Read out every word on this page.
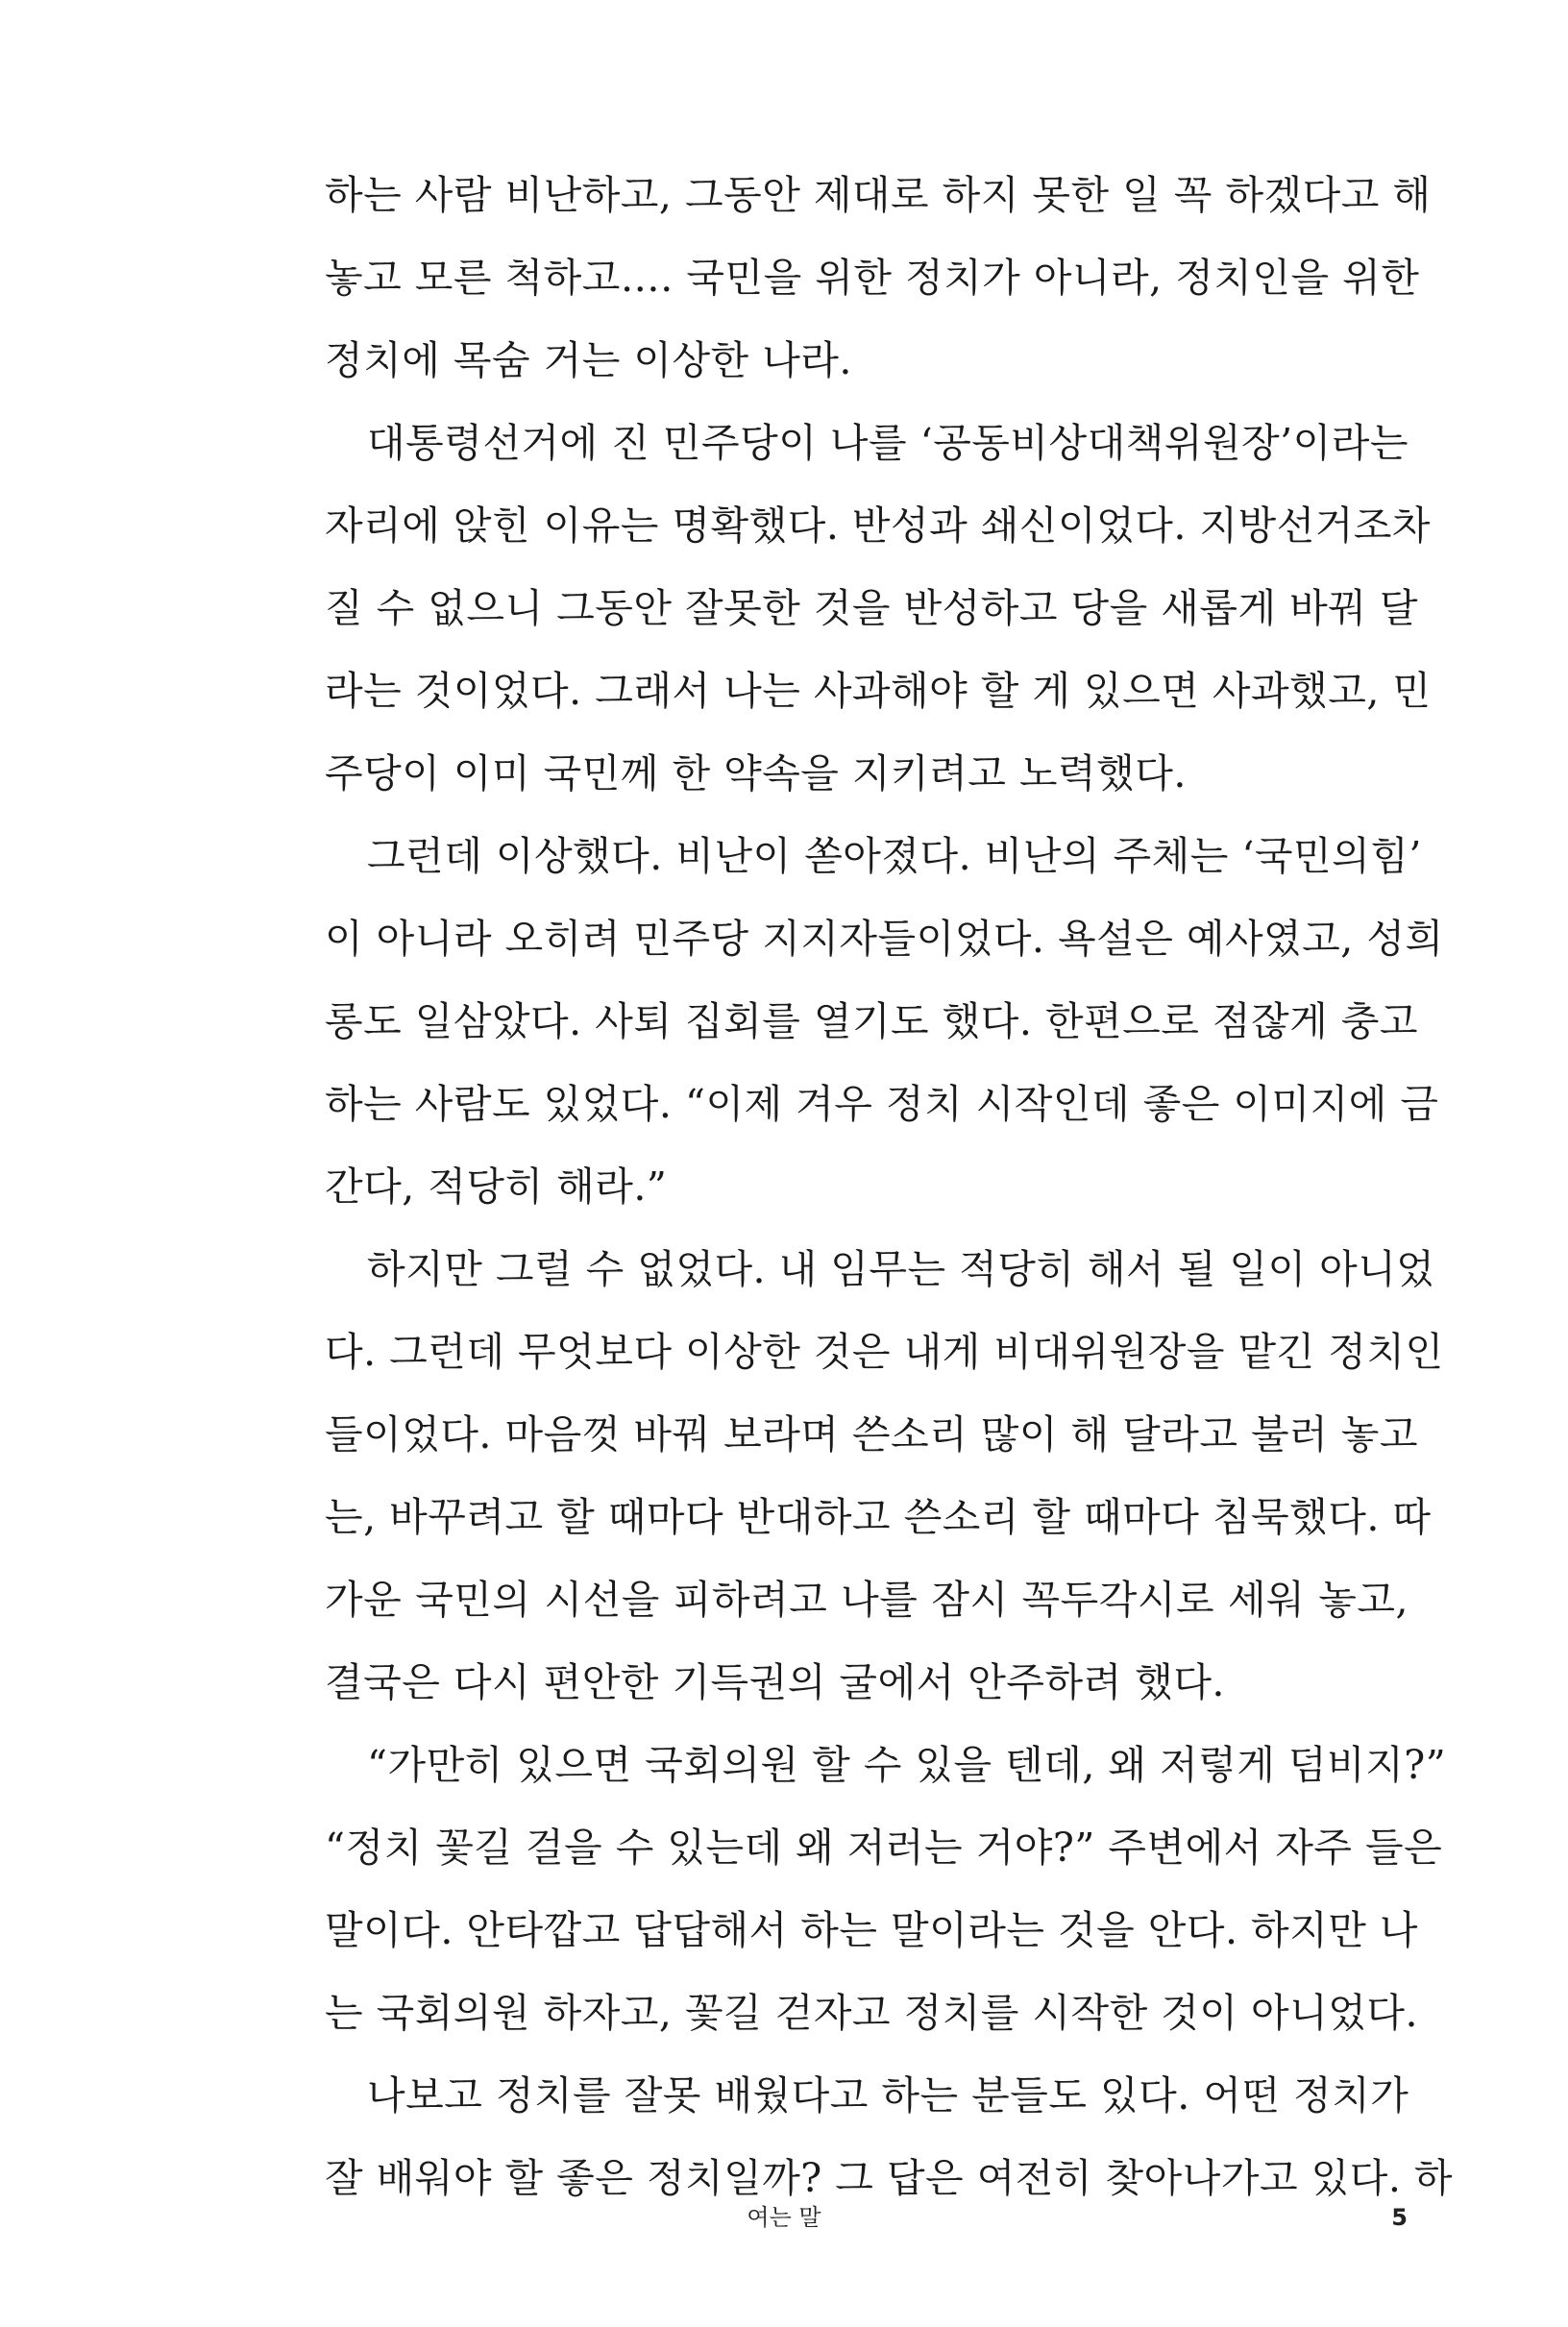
하는 사람 비난하고, 그동안 제대로 하지 못한 일 꼭 하겠다고 해
놓고 모른 척하고…. 국민을 위한 정치가 아니라, 정치인을 위한
정치에 목숨 거는 이상한 나라.
대통령선거에 진 민주당이 나를 ‘공동비상대책위원장’이라는
자리에 앉힌 이유는 명확했다. 반성과 쇄신이었다. 지방선거조차
질 수 없으니 그동안 잘못한 것을 반성하고 당을 새롭게 바꿔 달
라는 것이었다. 그래서 나는 사과해야 할 게 있으면 사과했고, 민
주당이 이미 국민께 한 약속을 지키려고 노력했다.
그런데 이상했다. 비난이 쏟아졌다. 비난의 주체는 ‘국민의힘’
이 아니라 오히려 민주당 지지자들이었다. 욕설은 예사였고, 성희
롱도 일삼았다. 사퇴 집회를 열기도 했다. 한편으로 점잖게 충고
하는 사람도 있었다. “이제 겨우 정치 시작인데 좋은 이미지에 금
간다, 적당히 해라.”
하지만 그럴 수 없었다. 내 임무는 적당히 해서 될 일이 아니었
다. 그런데 무엇보다 이상한 것은 내게 비대위원장을 맡긴 정치인
들이었다. 마음껏 바꿔 보라며 쓴소리 많이 해 달라고 불러 놓고
는, 바꾸려고 할 때마다 반대하고 쓴소리 할 때마다 침묵했다. 따
가운 국민의 시선을 피하려고 나를 잠시 꼭두각시로 세워 놓고,
결국은 다시 편안한 기득권의 굴에서 안주하려 했다.
“가만히 있으면 국회의원 할 수 있을 텐데, 왜 저렇게 덤비지?”
“정치 꽃길 걸을 수 있는데 왜 저러는 거야?” 주변에서 자주 들은
말이다. 안타깝고 답답해서 하는 말이라는 것을 안다. 하지만 나
는 국회의원 하자고, 꽃길 걷자고 정치를 시작한 것이 아니었다.
나보고 정치를 잘못 배웠다고 하는 분들도 있다. 어떤 정치가
잘 배워야 할 좋은 정치일까? 그 답은 여전히 찾아나가고 있다. 하
여는 말	5
